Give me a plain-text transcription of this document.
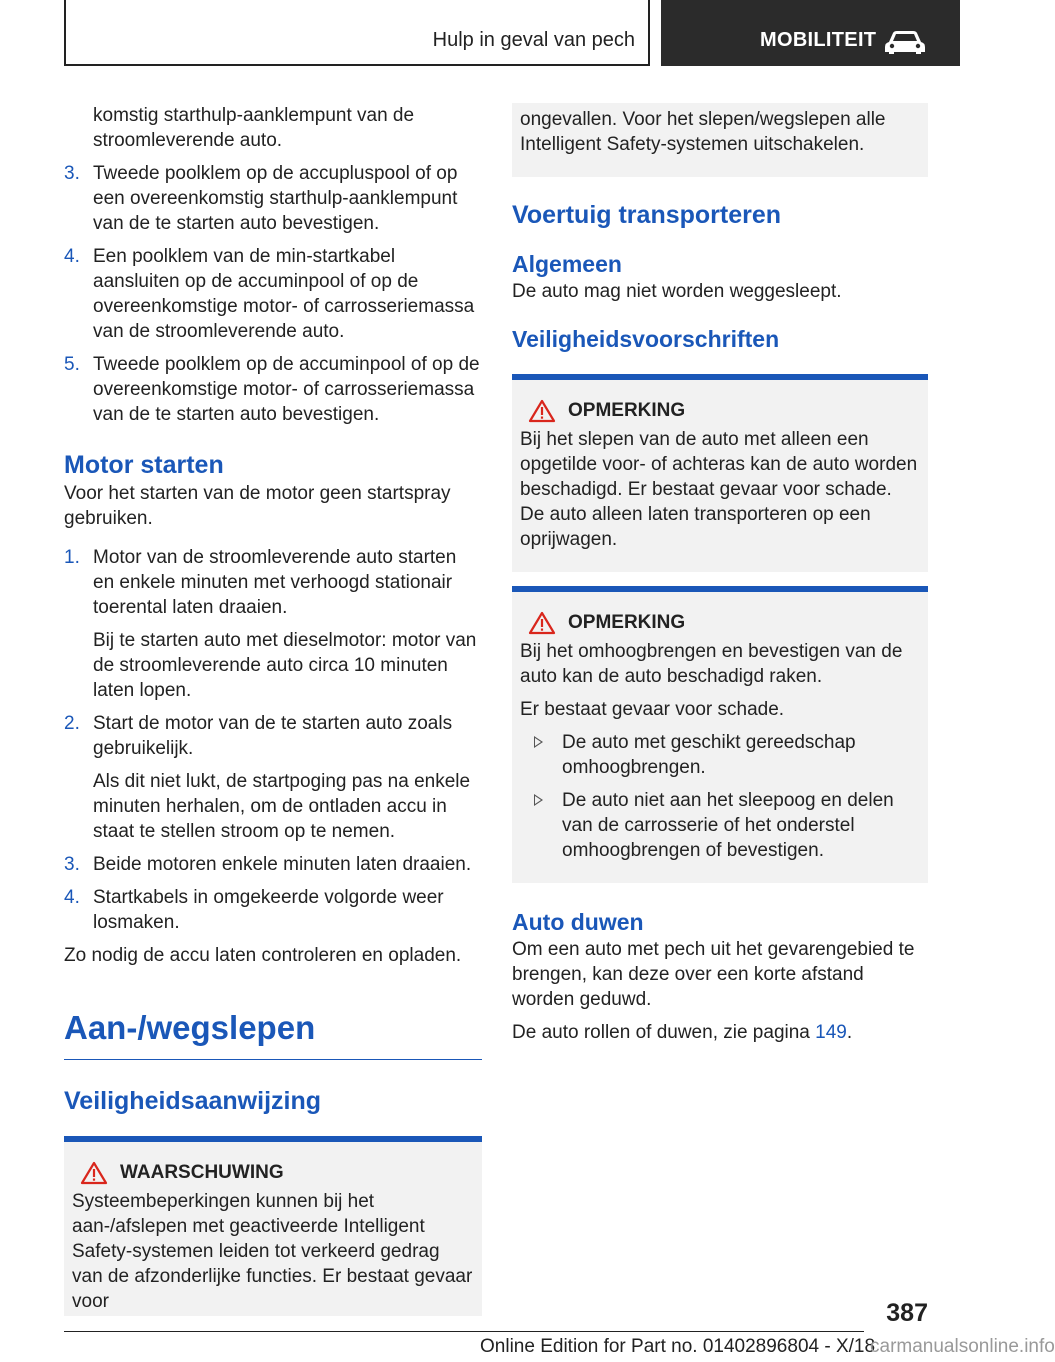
Hulp in geval van pech	MOBILITEIT

komstig starthulp-aanklempunt van de stroomleverende auto.

3. Tweede poolklem op de accupluspool of op een overeenkomstig starthulp-aanklempunt van de te starten auto bevestigen.
4. Een poolklem van de min-startkabel aansluiten op de accuminpool of op de overeenkomstige motor- of carrosseriemassa van de stroomleverende auto.
5. Tweede poolklem op de accuminpool of op de overeenkomstige motor- of carrosseriemassa van de te starten auto bevestigen.
Motor starten

Voor het starten van de motor geen startspray gebruiken.

1. Motor van de stroomleverende auto starten en enkele minuten met verhoogd stationair toerental laten draaien.
Bij te starten auto met dieselmotor: motor van de stroomleverende auto circa 10 minuten laten lopen.
2. Start de motor van de te starten auto zoals gebruikelijk.
Als dit niet lukt, de startpoging pas na enkele minuten herhalen, om de ontladen accu in staat te stellen stroom op te nemen.
3. Beide motoren enkele minuten laten draaien.
4. Startkabels in omgekeerde volgorde weer losmaken.

Zo nodig de accu laten controleren en opladen.

Aan-/wegslepen
Veiligheidsaanwijzing
WAARSCHUWING

Systeembeperkingen kunnen bij het aan-/afslepen met geactiveerde Intelligent Safety-systemen leiden tot verkeerd gedrag van de afzonderlijke functies. Er bestaat gevaar voor

ongevallen. Voor het slepen/wegslepen alle Intelligent Safety-systemen uitschakelen.

Voertuig transporteren
Algemeen

De auto mag niet worden weggesleept.

Veiligheidsvoorschriften
OPMERKING

Bij het slepen van de auto met alleen een opgetilde voor- of achteras kan de auto worden beschadigd. Er bestaat gevaar voor schade. De auto alleen laten transporteren op een oprijwagen.

OPMERKING

Bij het omhoogbrengen en bevestigen van de auto kan de auto beschadigd raken.

Er bestaat gevaar voor schade.

De auto met geschikt gereedschap omhoogbrengen.
De auto niet aan het sleepoog en delen van de carrosserie of het onderstel omhoogbrengen of bevestigen.
Auto duwen

Om een auto met pech uit het gevarengebied te brengen, kan deze over een korte afstand worden geduwd.

De auto rollen of duwen, zie pagina 149.

387
Online Edition for Part no. 01402896804 - X/18
carmanualsonline.info
